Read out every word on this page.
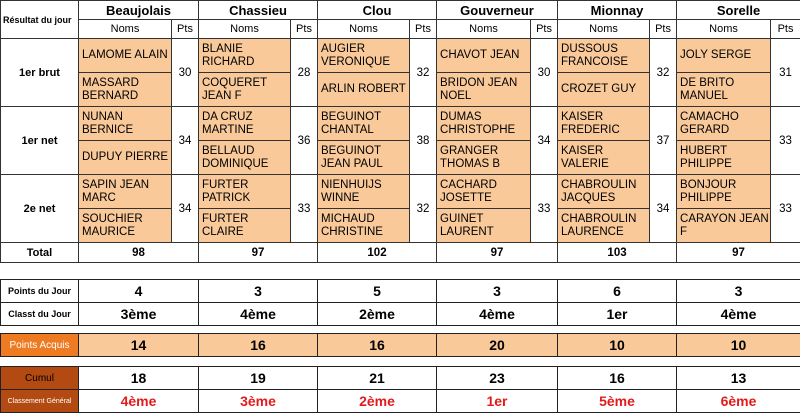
Résultat du jour	Beaujolais		Chassieu		Clou		Gouverneur		Mionnay		Sorelle	
	Noms	Pts	Noms	Pts	Noms	Pts	Noms	Pts	Noms	Pts	Noms	Pts
1er brut	LAMOME ALAIN	30	BLANIE RICHARD	28	AUGIER VERONIQUE	32	CHAVOT JEAN	30	DUSSOUS FRANCOISE	32	JOLY SERGE	31
	MASSARD BERNARD		COQUERET JEAN F		ARLIN ROBERT		BRIDON JEAN NOEL		CROZET GUY		DE BRITO MANUEL	
1er net	NUNAN BERNICE	34	DA CRUZ MARTINE	36	BEGUINOT CHANTAL	38	DUMAS CHRISTOPHE	34	KAISER FREDERIC	37	CAMACHO GERARD	33
	DUPUY PIERRE		BELLAUD DOMINIQUE		BEGUINOT JEAN PAUL		GRANGER THOMAS B		KAISER VALERIE		HUBERT PHILIPPE	
2e net	SAPIN JEAN MARC	34	FURTER PATRICK	33	NIENHUIJS WINNE	32	CACHARD JOSETTE	33	CHABROULIN JACQUES	34	BONJOUR PHILIPPE	33
	SOUCHIER MAURICE		FURTER CLAIRE		MICHAUD CHRISTINE		GUINET LAURENT		CHABROULIN LAURENCE		CARAYON JEAN F	
Total	98		97		102		97		103		97	
Points du Jour	4	3	5	3	6	3
Classt du Jour	3ème	4ème	2ème	4ème	1er	4ème
Points Acquis	14	16	16	20	10	10
Cumul	18	19	21	23	16	13
Classement Général	4ème	3ème	2ème	1er	5ème	6ème
